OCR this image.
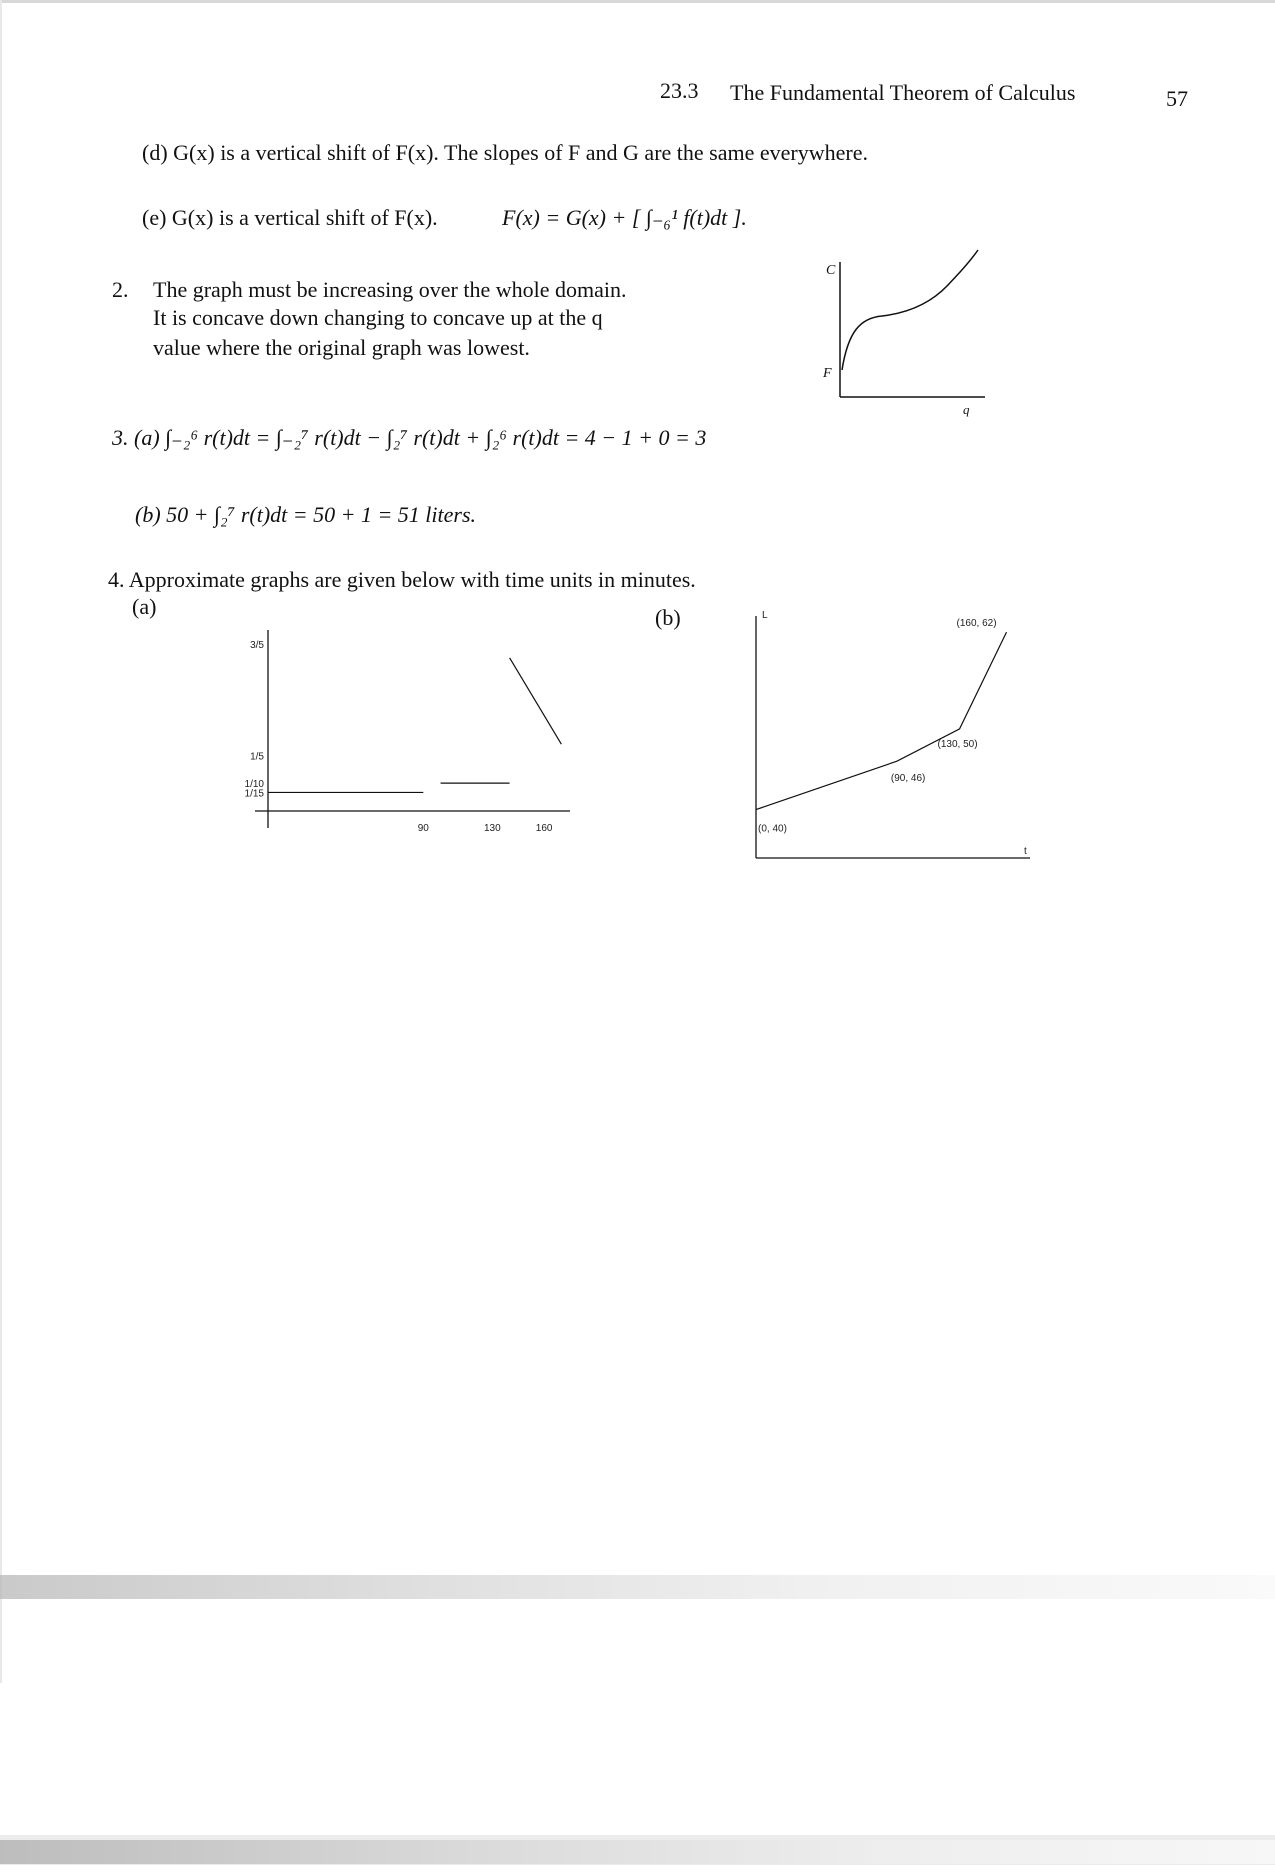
23.3 The Fundamental Theorem of Calculus	57
(d) G(x) is a vertical shift of F(x). The slopes of F and G are the same everywhere.
(e) G(x) is a vertical shift of F(x).	F(x) = G(x) + [ ∫₋₆¹ f(t)dt ].
2. The graph must be increasing over the whole domain.
It is concave down changing to concave up at the q
value where the original graph was lowest.
C
F
q
3. (a) ∫₋₂⁶ r(t)dt = ∫₋₂⁷ r(t)dt − ∫₂⁷ r(t)dt + ∫₂⁶ r(t)dt = 4 − 1 + 0 = 3
(b) 50 + ∫₂⁷ r(t)dt = 50 + 1 = 51 liters.
4. Approximate graphs are given below with time units in minutes.
(a)	(b)
3/5
1/5
1/10
1/15
90	130	160	(0, 40)
(90, 46)
(130, 50)
(160, 62)
L
t
